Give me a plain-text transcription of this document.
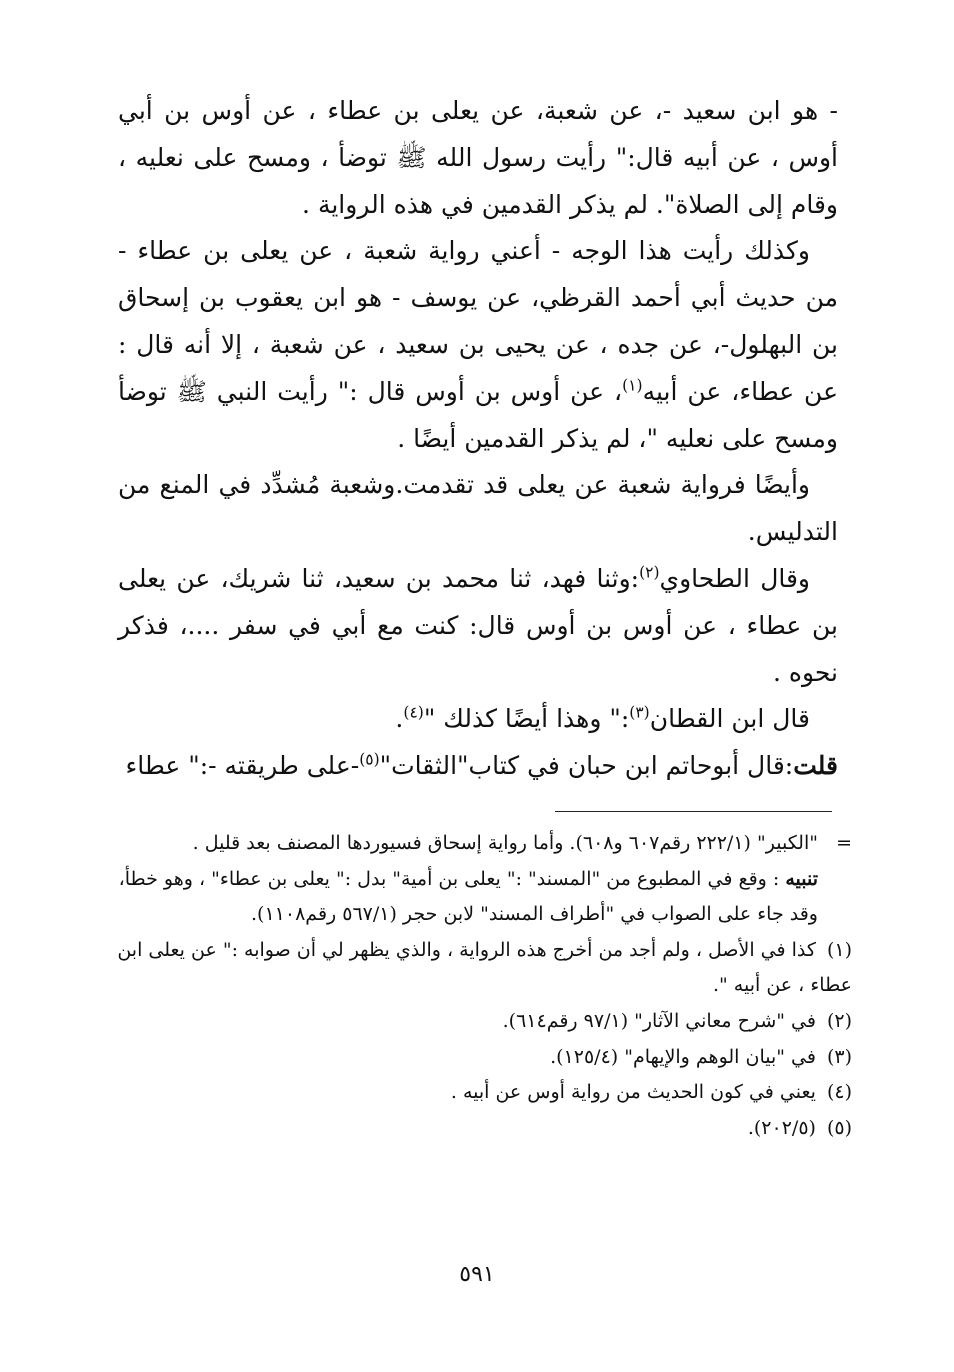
- هو ابن سعيد -، عن شعبة، عن يعلى بن عطاء ، عن أوس بن أبي أوس ، عن أبيه قال:" رأيت رسول الله ﷺ توضأ ، ومسح على نعليه ، وقام إلى الصلاة". لم يذكر القدمين في هذه الرواية .

وكذلك رأيت هذا الوجه - أعني رواية شعبة ، عن يعلى بن عطاء - من حديث أبي أحمد القرظي، عن يوسف - هو ابن يعقوب بن إسحاق بن البهلول-، عن جده ، عن يحيى بن سعيد ، عن شعبة ، إلا أنه قال : عن عطاء، عن أبيه$^{(١)}$، عن أوس بن أوس قال :" رأيت النبي ﷺ توضأ ومسح على نعليه "، لم يذكر القدمين أيضًا .

وأيضًا فرواية شعبة عن يعلى قد تقدمت.وشعبة مُشدِّد في المنع من التدليس.

وقال الطحاوي$^{(٢)}$:وثنا فهد، ثنا محمد بن سعيد، ثنا شريك، عن يعلى بن عطاء ، عن أوس بن أوس قال: كنت مع أبي في سفر ....، فذكر نحوه .

قال ابن القطان$^{(٣)}$:" وهذا أيضًا كذلك "$^{(٤)}$.

قلت:قال أبوحاتم ابن حبان في كتاب"الثقات"$^{(٥)}$-على طريقته -:" عطاء

="الكبير" (٢٢٢/١ رقم٦٠٧ و٦٠٨). وأما رواية إسحاق فسيوردها المصنف بعد قليل .

تنبيه : وقع في المطبوع من "المسند" :" يعلى بن أمية" بدل :" يعلى بن عطاء" ، وهو خطأ، وقد جاء على الصواب في "أطراف المسند" لابن حجر (٥٦٧/١ رقم١١٠٨).

(١) كذا في الأصل ، ولم أجد من أخرج هذه الرواية ، والذي يظهر لي أن صوابه :" عن يعلى ابن عطاء ، عن أبيه ".

(٢) في "شرح معاني الآثار" (٩٧/١ رقم٦١٤).

(٣) في "بيان الوهم والإيهام" (١٢٥/٤).

(٤) يعني في كون الحديث من رواية أوس عن أبيه .

(٥) (٢٠٢/٥).

٥٩١
